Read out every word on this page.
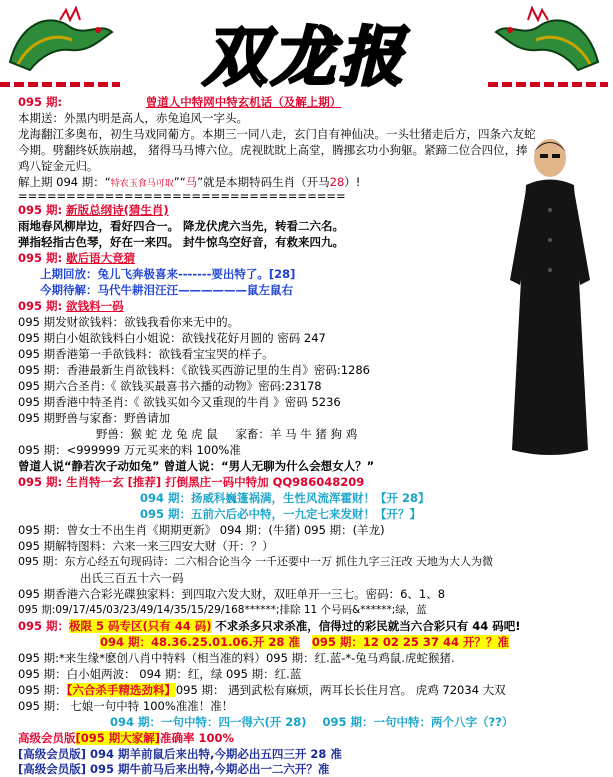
双龙报
095 期:	曾道人中特网中特玄机话（及解上期）
本期送：外黑内明是高人，赤兔追风一字头。
龙海翻江多奥布，初生马戏同葡方。本期三一同八走，玄门自有神仙决。一头壮猪走后方，四条六友蛇
今期。劈翻终妖族崩越， 猪得马马博六位。虎视眈眈上高堂，腾挪玄功小狗躯。紧蹄二位合四位，捧
鸡八锭金元归。
解上期 094 期：“特农玉食马可取”“马”就是本期特码生肖（开马28）!
==================================
095 期: 新版总纲诗(猜生肖)
雨地春风柳岸边，看好四合一。 降龙伏虎六当先，转看二六名。
弹指轻指古色琴，好在一来四。 封牛惊鸟空好音，有救来四九。
095 期: 歇后语大竞猜
上期回放：兔儿飞奔极喜来-------要出特了。[28]
今期待解：马代牛耕泪汪汪——————鼠左鼠右
095 期: 欲钱料一码
095 期发财欲钱料：欲钱我看你来无中的。
095 期白小姐欲钱料白小姐说：欲钱找花好月圆的 密码 247
095 期香港第一手欲钱料：欲钱看宝宝哭的样子。
095 期：香港最新生肖欲钱料：《欲钱买西游记里的生肖》密码:1286
095 期六合圣肖:《 欲钱买最喜书六播的动物》密码:23178
095 期香港中特圣肖:《 欲钱买如今又重现的牛肖 》密码 5236
095 期野兽与家畜：野兽请加
野兽：猴 蛇 龙 兔 虎 鼠 家畜：羊 马 牛 猪 狗 鸡
095 期：<999999 万元买来的料 100%准
曾道人说“静若次子动如兔” 曾道人说：“男人无聊为什么会想女人？”
095 期: 生肖特一玄 [推荐] 打倒黑庄一码中特加 QQ986048209
094 期：扬威科巍篷祸满，生性风流浑霍财！【开 28】
095 期：五前六后必中特，一九定七来发财！【开？】
095 期：曾女士不出生肖《期期更新》 094 期：(牛猪) 095 期：(羊龙)
095 期解特图料：六来一来三四安大财（开：？）
095 期：东方心经五句现码诗：二六相合论当今 一千还要中一万 抓住九字三汪改 天地为大人为微
出氏三百五十六一码
095 期香港六合彩光碟独家料：到四取六发大财，双旺单开一三七。密码：6、1、8
095 期:09/17/45/03/23/49/14/35/15/29/168******;排除 11 个号码&******;绿，蓝
095 期：极限 5 码专区(只有 44 码) 不求杀多只求杀准，信得过的彩民就当六合彩只有 44 码吧!
094 期：48.36.25.01.06.开 28 准 095 期：12 02 25 37 44 开？？准
095 期:*来生缘*麽创八肖中特料（相当准的料）095 期：红.蓝-*-兔马鸡鼠.虎蛇猴猪.
095 期：白小姐两波： 094 期：红，绿 095 期：红.蓝
095 期：【六合杀手精选劲料】095 期： 遇到武松有麻烦，两耳长长住月宫。 虎鸡 72034 大双
095 期： 七娘一句中特 100%准准！准！
094 期：一句中特：四一得六(开 28) 095 期：一句中特：两个八字（??）
高级会员版[095 期大家解]准确率 100%
[高级会员版] 094 期羊前鼠后来出特,今期必出五四三开 28 准
[高级会员版] 095 期牛前马后来出特,今期必出一二六开？准
